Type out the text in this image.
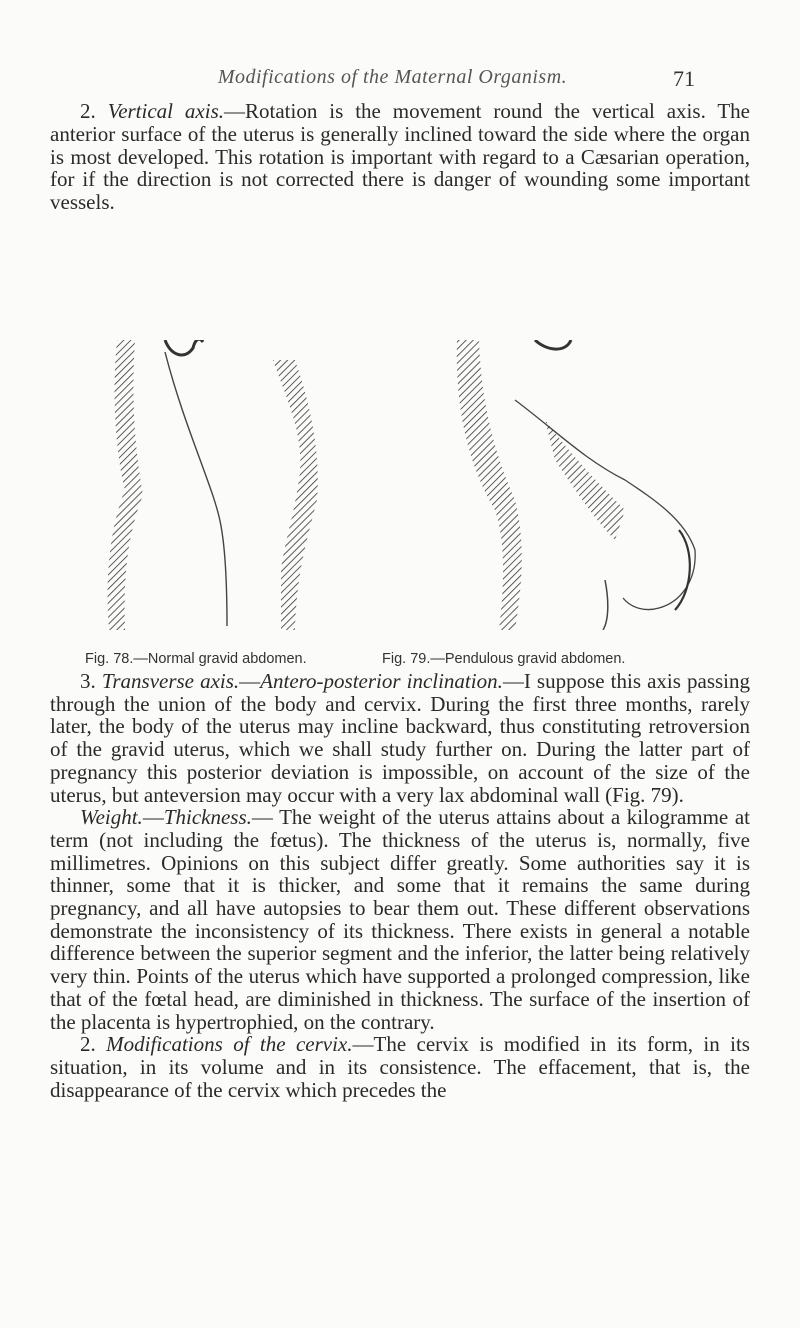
Modifications of the Maternal Organism.	71

2. Vertical axis.—Rotation is the movement round the vertical axis. The anterior surface of the uterus is generally inclined toward the side where the organ is most developed. This rotation is important with regard to a Cæsarian operation, for if the direction is not corrected there is danger of wounding some important vessels.

Fig. 78.—Normal gravid abdomen.	Fig. 79.—Pendulous gravid abdomen.

3. Transverse axis.—Antero-posterior inclination.—I suppose this axis passing through the union of the body and cervix. During the first three months, rarely later, the body of the uterus may incline backward, thus constituting retroversion of the gravid uterus, which we shall study further on. During the latter part of pregnancy this posterior deviation is impossible, on account of the size of the uterus, but anteversion may occur with a very lax abdominal wall (Fig. 79).

Weight.—Thickness.— The weight of the uterus attains about a kilogramme at term (not including the fœtus). The thickness of the uterus is, normally, five millimetres. Opinions on this subject differ greatly. Some authorities say it is thinner, some that it is thicker, and some that it remains the same during pregnancy, and all have autopsies to bear them out. These different observations demonstrate the inconsistency of its thickness. There exists in general a notable difference between the superior segment and the inferior, the latter being relatively very thin. Points of the uterus which have supported a prolonged compression, like that of the fœtal head, are diminished in thickness. The surface of the insertion of the placenta is hypertrophied, on the contrary.

2. Modifications of the cervix.—The cervix is modified in its form, in its situation, in its volume and in its consistence. The effacement, that is, the disappearance of the cervix which precedes the
